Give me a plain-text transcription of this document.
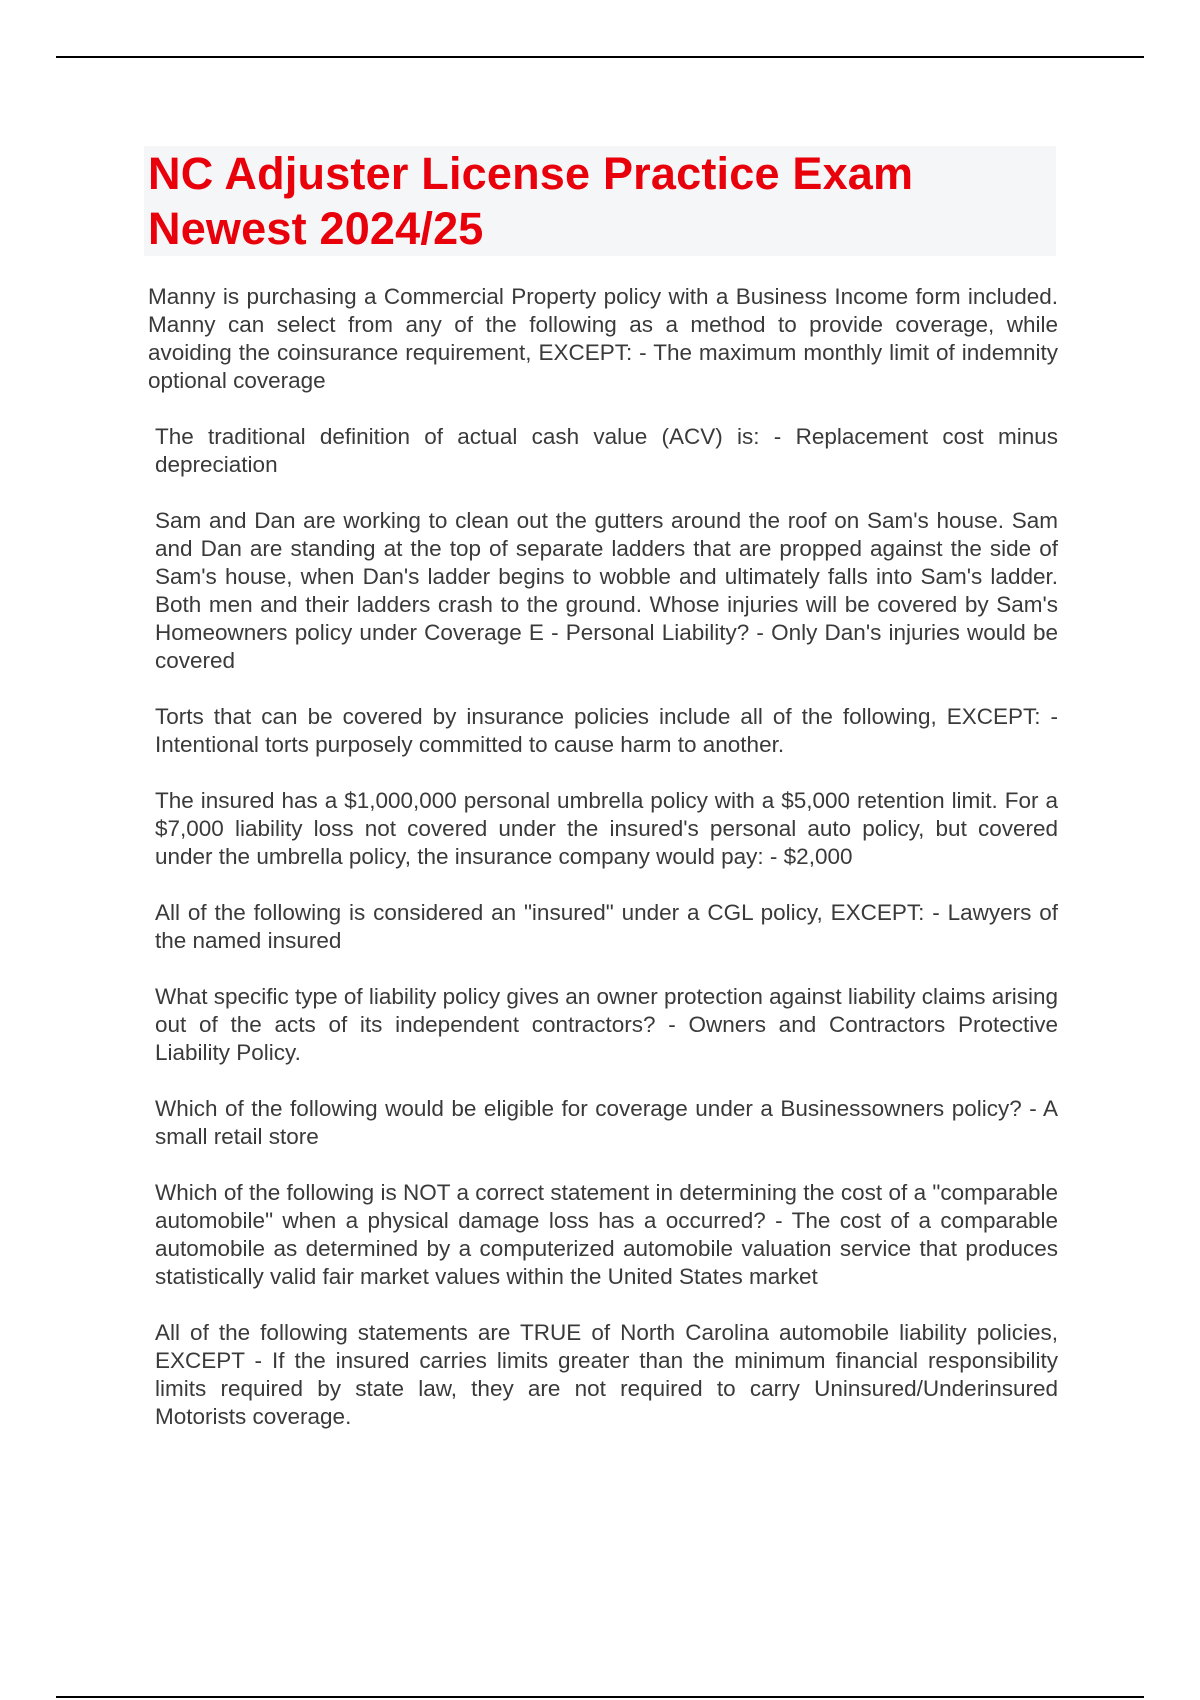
NC Adjuster License Practice Exam Newest 2024/25

Manny is purchasing a Commercial Property policy with a Business Income form included. Manny can select from any of the following as a method to provide coverage, while avoiding the coinsurance requirement, EXCEPT: - The maximum monthly limit of indemnity optional coverage

The traditional definition of actual cash value (ACV) is: - Replacement cost minus depreciation

Sam and Dan are working to clean out the gutters around the roof on Sam's house. Sam and Dan are standing at the top of separate ladders that are propped against the side of Sam's house, when Dan's ladder begins to wobble and ultimately falls into Sam's ladder. Both men and their ladders crash to the ground. Whose injuries will be covered by Sam's Homeowners policy under Coverage E - Personal Liability? - Only Dan's injuries would be covered

Torts that can be covered by insurance policies include all of the following, EXCEPT: - Intentional torts purposely committed to cause harm to another.

The insured has a $1,000,000 personal umbrella policy with a $5,000 retention limit. For a $7,000 liability loss not covered under the insured's personal auto policy, but covered under the umbrella policy, the insurance company would pay: - $2,000

All of the following is considered an "insured" under a CGL policy, EXCEPT: - Lawyers of the named insured

What specific type of liability policy gives an owner protection against liability claims arising out of the acts of its independent contractors? - Owners and Contractors Protective Liability Policy.

Which of the following would be eligible for coverage under a Businessowners policy? - A small retail store

Which of the following is NOT a correct statement in determining the cost of a "comparable automobile" when a physical damage loss has a occurred? - The cost of a comparable automobile as determined by a computerized automobile valuation service that produces statistically valid fair market values within the United States market

All of the following statements are TRUE of North Carolina automobile liability policies, EXCEPT - If the insured carries limits greater than the minimum financial responsibility limits required by state law, they are not required to carry Uninsured/Underinsured Motorists coverage.
